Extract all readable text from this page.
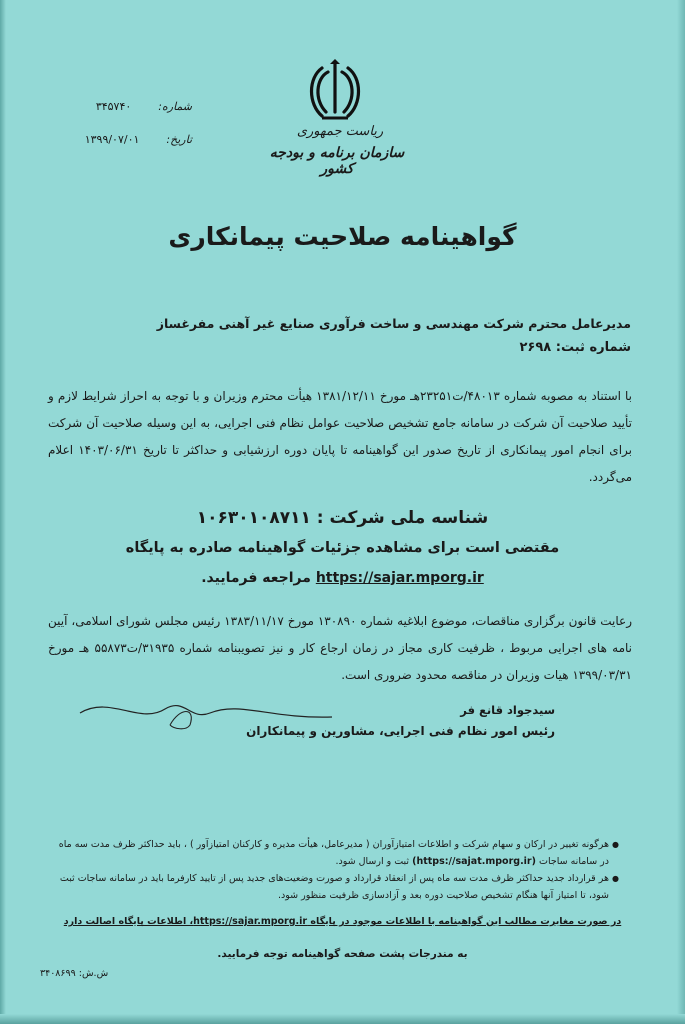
ریاست جمهوری
سازمان برنامه و بودجه کشور
شماره:  ۳۴۵۷۴۰
تاریخ:  ۱۳۹۹/۰۷/۰۱
گواهینامه صلاحیت پیمانکاری
مدیرعامل محترم شرکت مهندسی و ساخت فرآوری صنایع غیر آهنی مفرغساز
شماره ثبت: ۲۶۹۸
با استناد به مصوبه شماره ۴۸۰۱۳/ت۲۳۲۵۱هـ مورخ ۱۳۸۱/۱۲/۱۱ هیأت محترم وزیران و با توجه به احراز شرایط لازم و تأیید صلاحیت آن شرکت در سامانه جامع تشخیص صلاحیت عوامل نظام فنی اجرایی، به این وسیله صلاحیت آن شرکت برای انجام امور پیمانکاری از تاریخ صدور این گواهینامه تا پایان دوره ارزشیابی و حداکثر تا تاریخ ۱۴۰۳/۰۶/۳۱ اعلام می‌گردد.
شناسه ملی شرکت : ۱۰۶۳۰۱۰۸۷۱۱
مقتضی است برای مشاهده جزئیات گواهینامه صادره به پایگاه
مراجعه فرمایید. https://sajar.mporg.ir
رعایت قانون برگزاری مناقصات، موضوع ابلاغیه شماره ۱۳۰۸۹۰ مورخ ۱۳۸۳/۱۱/۱۷ رئیس مجلس شورای اسلامی، آیین نامه های اجرایی مربوط ، ظرفیت کاری مجاز در زمان ارجاع کار و نیز تصویبنامه شماره ۳۱۹۳۵/ت۵۵۸۷۳ هـ مورخ ۱۳۹۹/۰۳/۳۱ هیات وزیران در مناقصه محدود ضروری است.
سیدجواد قانع فر
رئیس امور نظام فنی اجرایی، مشاورین و پیمانکاران
● هرگونه تغییر در ارکان و سهام شرکت و اطلاعات امتیازآوران ( مدیرعامل، هیأت مدیره و کارکنان امتیازآور ) ، باید حداکثر ظرف مدت سه ماه در سامانه ساجات (https://sajat.mporg.ir) ثبت و ارسال شود.
● هر قرارداد جدید حداکثر ظرف مدت سه ماه پس از انعقاد قرارداد و صورت وضعیت‌های جدید پس از تایید کارفرما باید در سامانه ساجات ثبت شود، تا امتیاز آنها هنگام تشخیص صلاحیت دوره بعد و آزادسازی ظرفیت منظور شود.
در صورت مغایرت مطالب این گواهینامه با اطلاعات موجود در پایگاه https://sajar.mporg.ir، اطلاعات پایگاه اصالت دارد
به مندرجات پشت صفحه گواهینامه توجه فرمایید.
ش.ش: ۳۴۰۸۶۹۹
